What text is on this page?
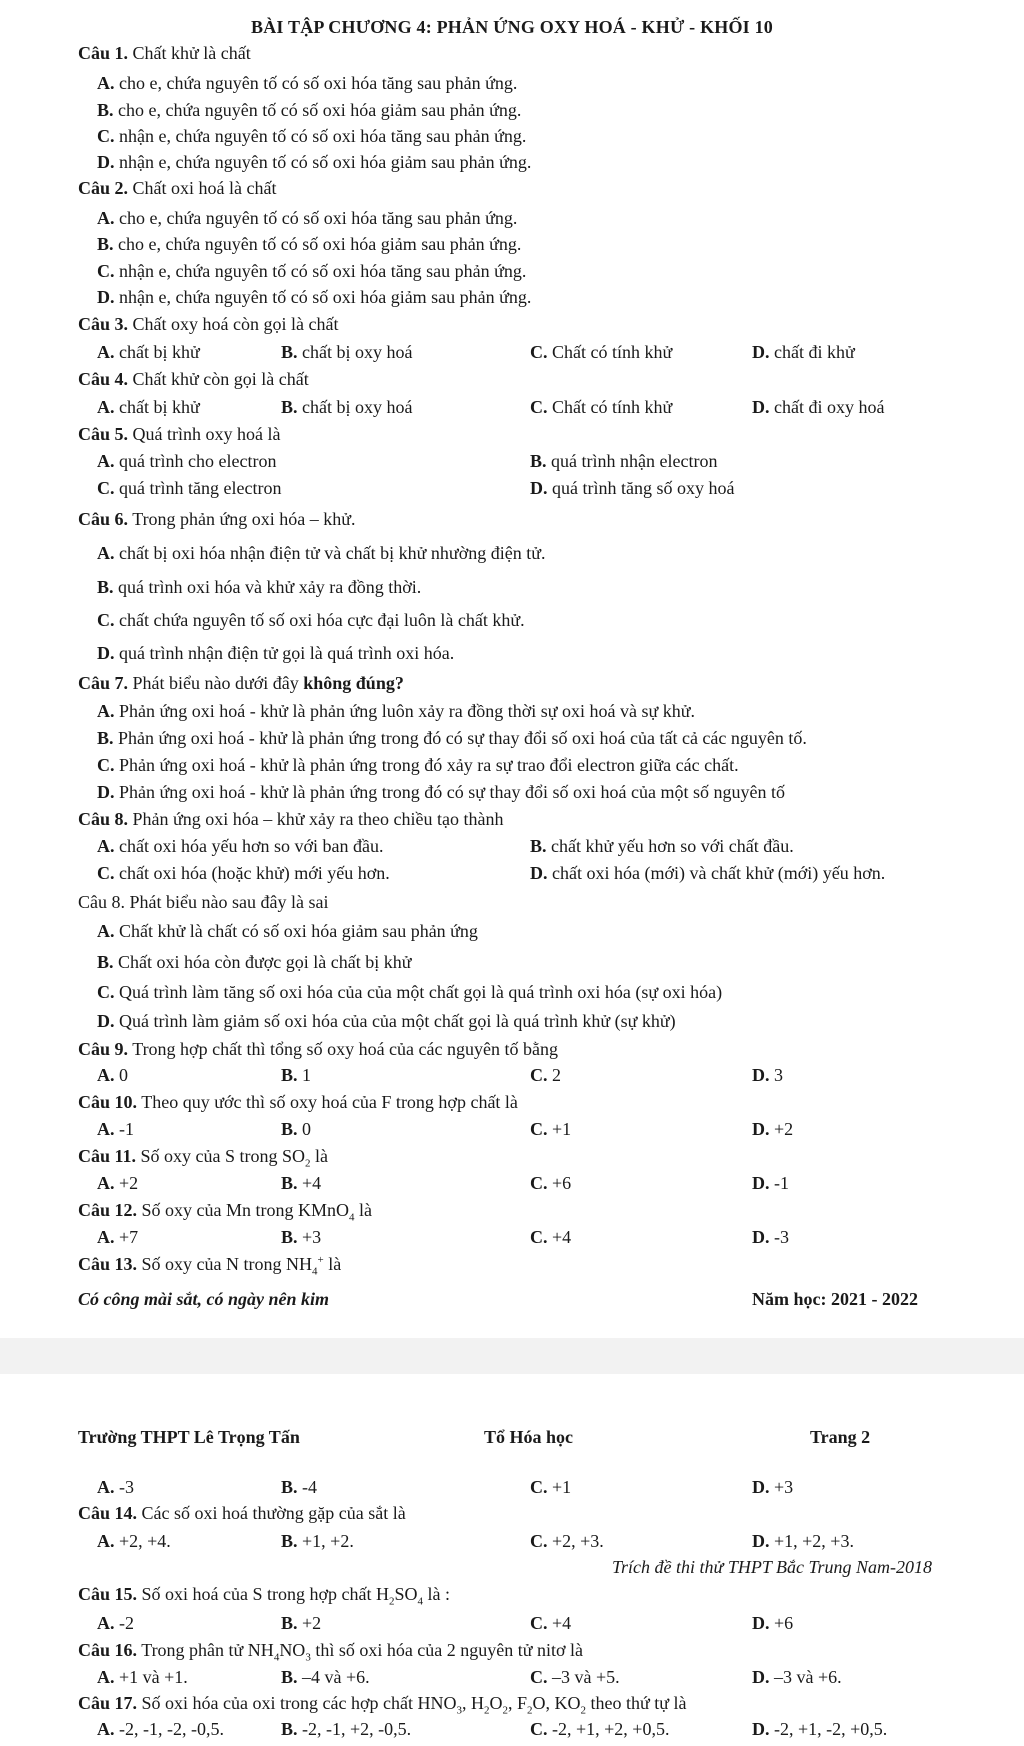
BÀI TẬP CHƯƠNG 4: PHẢN ỨNG OXY HOÁ - KHỬ - KHỐI 10
Câu 1. Chất khử là chất
A. cho e, chứa nguyên tố có số oxi hóa tăng sau phản ứng.
B. cho e, chứa nguyên tố có số oxi hóa giảm sau phản ứng.
C. nhận e, chứa nguyên tố có số oxi hóa tăng sau phản ứng.
D. nhận e, chứa nguyên tố có số oxi hóa giảm sau phản ứng.
Câu 2. Chất oxi hoá là chất
A. cho e, chứa nguyên tố có số oxi hóa tăng sau phản ứng.
B. cho e, chứa nguyên tố có số oxi hóa giảm sau phản ứng.
C. nhận e, chứa nguyên tố có số oxi hóa tăng sau phản ứng.
D. nhận e, chứa nguyên tố có số oxi hóa giảm sau phản ứng.
Câu 3. Chất oxy hoá còn gọi là chất
A. chất bị khử	B. chất bị oxy hoá	C. Chất có tính khử	D. chất đi khử
Câu 4. Chất khử còn gọi là chất
A. chất bị khử	B. chất bị oxy hoá	C. Chất có tính khử	D. chất đi oxy hoá
Câu 5. Quá trình oxy hoá là
A. quá trình cho electron	B. quá trình nhận electron
C. quá trình tăng electron	D. quá trình tăng số oxy hoá
Câu 6. Trong phản ứng oxi hóa – khử.
A. chất bị oxi hóa nhận điện tử và chất bị khử nhường điện tử.
B. quá trình oxi hóa và khử xảy ra đồng thời.
C. chất chứa nguyên tố số oxi hóa cực đại luôn là chất khử.
D. quá trình nhận điện tử gọi là quá trình oxi hóa.
Câu 7. Phát biểu nào dưới đây không đúng?
A. Phản ứng oxi hoá - khử là phản ứng luôn xảy ra đồng thời sự oxi hoá và sự khử.
B. Phản ứng oxi hoá - khử là phản ứng trong đó có sự thay đổi số oxi hoá của tất cả các nguyên tố.
C. Phản ứng oxi hoá - khử là phản ứng trong đó xảy ra sự trao đổi electron giữa các chất.
D. Phản ứng oxi hoá - khử là phản ứng trong đó có sự thay đổi số oxi hoá của một số nguyên tố
Câu 8. Phản ứng oxi hóa – khử xảy ra theo chiều tạo thành
A. chất oxi hóa yếu hơn so với ban đầu.	B. chất khử yếu hơn so với chất đầu.
C. chất oxi hóa (hoặc khử) mới yếu hơn.	D. chất oxi hóa (mới) và chất khử (mới) yếu hơn.
Câu 8. Phát biểu nào sau đây là sai
A. Chất khử là chất có số oxi hóa giảm sau phản ứng
B. Chất oxi hóa còn được gọi là chất bị khử
C. Quá trình làm tăng số oxi hóa của của một chất gọi là quá trình oxi hóa (sự oxi hóa)
D. Quá trình làm giảm số oxi hóa của của một chất gọi là quá trình khử (sự khử)
Câu 9. Trong hợp chất thì tổng số oxy hoá của các nguyên tố bằng
A. 0	B. 1	C. 2	D. 3
Câu 10. Theo quy ước thì số oxy hoá của F trong hợp chất là
A. -1	B. 0	C. +1	D. +2
Câu 11. Số oxy của S trong $SO_2$ là
A. +2	B. +4	C. +6	D. -1
Câu 12. Số oxy của Mn trong KMnO$_4$ là
A. +7	B. +3	C. +4	D. -3
Câu 13. Số oxy của N trong $NH_4^+$ là
Có công mài sắt, có ngày nên kim	Năm học: 2021 - 2022
Trường THPT Lê Trọng Tấn	Tổ Hóa học	Trang 2
A. -3	B. -4	C. +1	D. +3
Câu 14. Các số oxi hoá thường gặp của sắt là
A. +2, +4.	B. +1, +2.	C. +2, +3.	D. +1, +2, +3.
Trích đề thi thử THPT Bắc Trung Nam-2018
Câu 15. Số oxi hoá của S trong hợp chất $H_2SO_4$ là :
A. -2	B. +2	C. +4	D. +6
Câu 16. Trong phân tử $NH_4NO_3$ thì số oxi hóa của 2 nguyên tử nitơ là
A. +1 và +1.	B. –4 và +6.	C. –3 và +5.	D. –3 và +6.
Câu 17. Số oxi hóa của oxi trong các hợp chất $HNO_3$, $H_2O_2$, $F_2O$, $KO_2$ theo thứ tự là
A. -2, -1, -2, -0,5.	B. -2, -1, +2, -0,5.	C. -2, +1, +2, +0,5.	D. -2, +1, -2, +0,5.
